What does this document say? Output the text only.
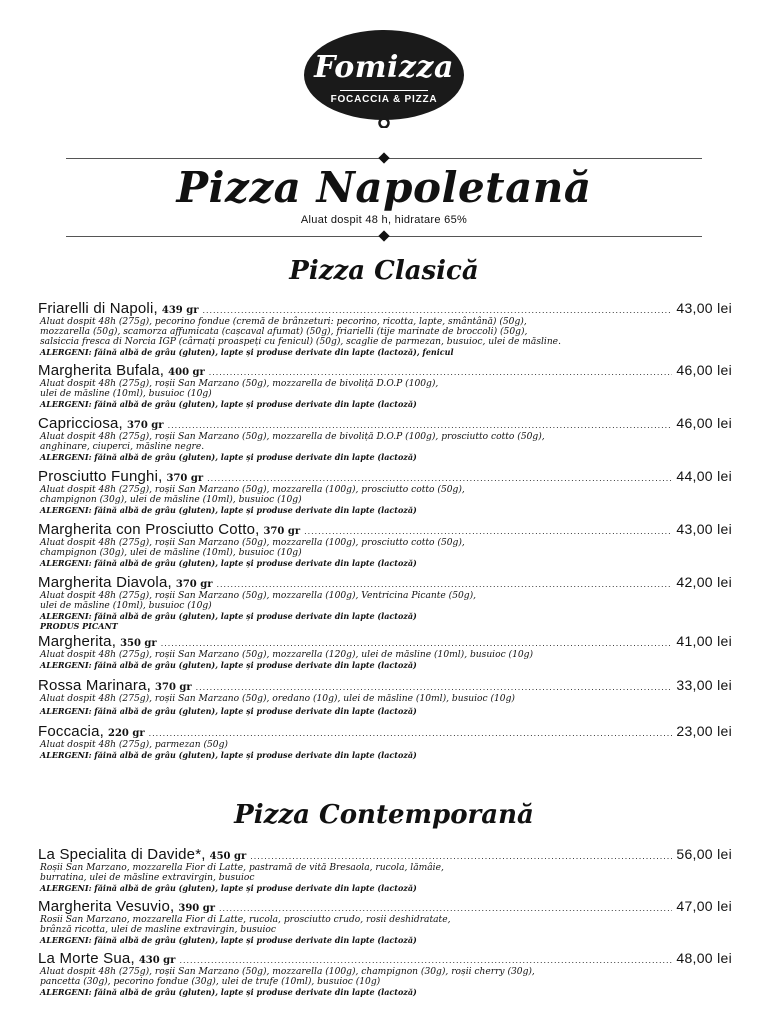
Fomizza
FOCACCIA & PIZZA
Pizza Napoletană
Aluat dospit 48 h, hidratare 65%
Pizza Clasică
Friarelli di Napoli, 439 gr .....	43,00 lei
Aluat dospit 48h (275g), pecorino fondue (cremă de brânzeturi: pecorino, ricotta, lapte, smântână) (50g),
mozzarella (50g), scamorza affumicata (cașcaval afumat) (50g), friarielli (tije marinate de broccoli) (50g),
salsiccia fresca di Norcia IGP (cârnați proaspeți cu fenicul) (50g), scaglie de parmezan, busuioc, ulei de măsline.
ALERGENI: făină albă de grâu (gluten), lapte și produse derivate din lapte (lactoză), fenicul
Margherita Bufala, 400 gr .....	46,00 lei
Aluat dospit 48h (275g), roșii San Marzano (50g), mozzarella de bivoliță D.O.P (100g),
ulei de măsline (10ml), busuioc (10g)
ALERGENI: făină albă de grâu (gluten), lapte și produse derivate din lapte (lactoză)
Capricciosa, 370 gr .....	46,00 lei
Aluat dospit 48h (275g), roșii San Marzano (50g), mozzarella de bivoliță D.O.P (100g), prosciutto cotto (50g),
anghinare, ciuperci, măsline negre.
ALERGENI: făină albă de grâu (gluten), lapte și produse derivate din lapte (lactoză)
Prosciutto Funghi, 370 gr .....	44,00 lei
Aluat dospit 48h (275g), roșii San Marzano (50g), mozzarella (100g), prosciutto cotto (50g),
champignon (30g), ulei de măsline (10ml), busuioc (10g)
ALERGENI: făină albă de grâu (gluten), lapte și produse derivate din lapte (lactoză)
Margherita con Prosciutto Cotto, 370 gr .....	43,00 lei
Aluat dospit 48h (275g), roșii San Marzano (50g), mozzarella (100g), prosciutto cotto (50g),
champignon (30g), ulei de măsline (10ml), busuioc (10g)
ALERGENI: făină albă de grâu (gluten), lapte și produse derivate din lapte (lactoză)
Margherita Diavola, 370 gr .....	42,00 lei
Aluat dospit 48h (275g), roșii San Marzano (50g), mozzarella (100g), Ventricina Picante (50g),
ulei de măsline (10ml), busuioc (10g)
ALERGENI: făină albă de grâu (gluten), lapte și produse derivate din lapte (lactoză)
PRODUS PICANT
Margherita, 350 gr .....	41,00 lei
Aluat dospit 48h (275g), roșii San Marzano (50g), mozzarella (120g), ulei de măsline (10ml), busuioc (10g)
ALERGENI: făină albă de grâu (gluten), lapte și produse derivate din lapte (lactoză)
Rossa Marinara, 370 gr .....	33,00 lei
Aluat dospit 48h (275g), roșii San Marzano (50g), oredano (10g), ulei de măsline (10ml), busuioc (10g)
ALERGENI: făină albă de grâu (gluten), lapte și produse derivate din lapte (lactoză)
Foccacia, 220 gr .....	23,00 lei
Aluat dospit 48h (275g), parmezan (50g)
ALERGENI: făină albă de grâu (gluten), lapte și produse derivate din lapte (lactoză)
Pizza Contemporană
La Specialita di Davide*, 450 gr .....	56,00 lei
Roșii San Marzano, mozzarella Fior di Latte, pastramă de vită Bresaola, rucola, lămâie,
burratina, ulei de măsline extravirgin, busuioc
ALERGENI: făină albă de grâu (gluten), lapte și produse derivate din lapte (lactoză)
Margherita Vesuvio, 390 gr .....	47,00 lei
Rosii San Marzano, mozzarella Fior di Latte, rucola, prosciutto crudo, rosii deshidratate,
brânză ricotta, ulei de masline extravirgin, busuioc
ALERGENI: făină albă de grâu (gluten), lapte și produse derivate din lapte (lactoză)
La Morte Sua, 430 gr .....	48,00 lei
Aluat dospit 48h (275g), roșii San Marzano (50g), mozzarella (100g), champignon (30g), roșii cherry (30g),
pancetta (30g), pecorino fondue (30g), ulei de trufe (10ml), busuioc (10g)
ALERGENI: făină albă de grâu (gluten), lapte și produse derivate din lapte (lactoză)
